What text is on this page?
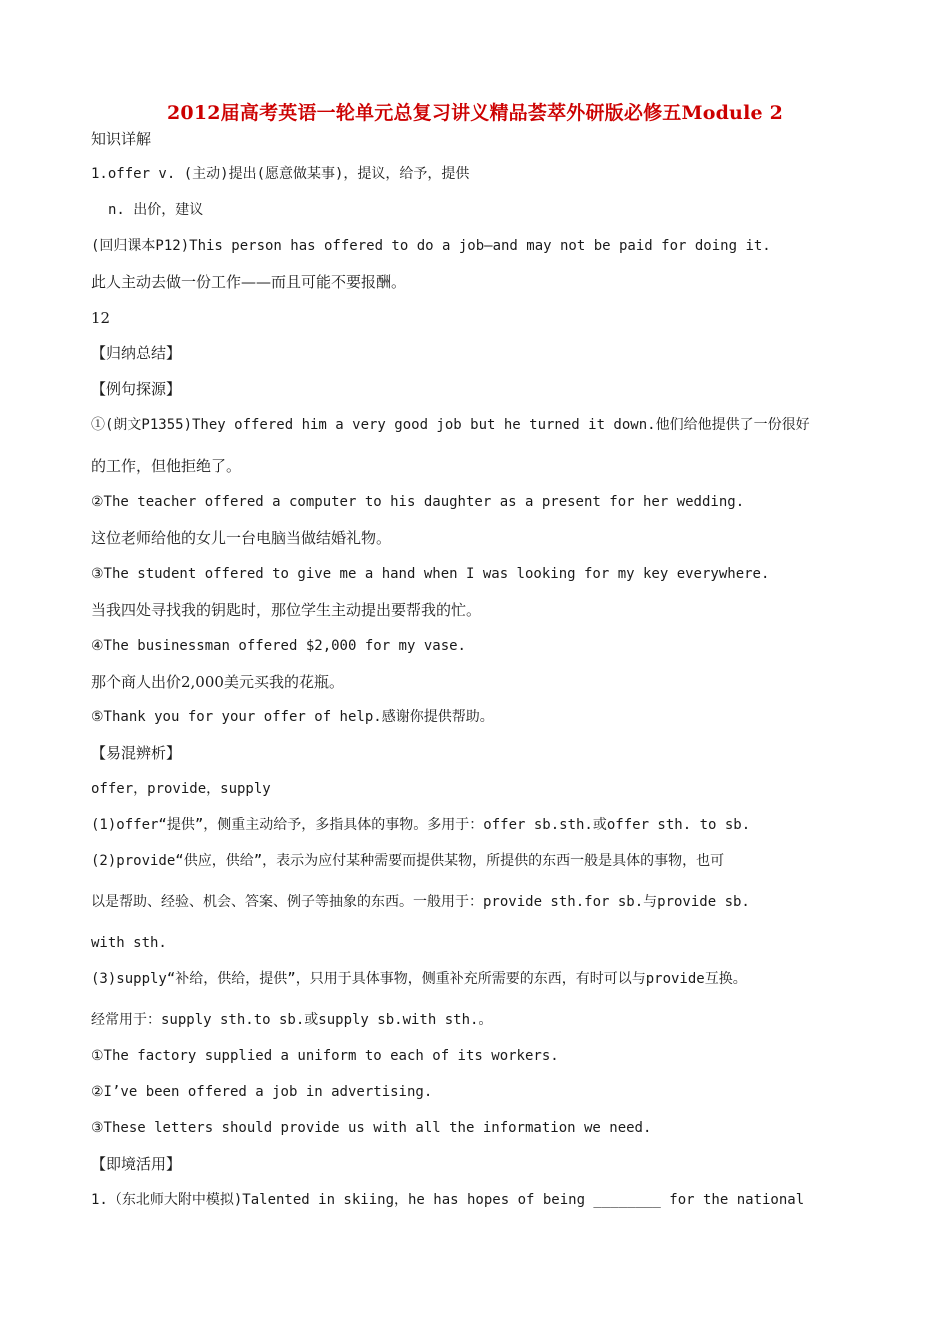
2012届高考英语一轮单元总复习讲义精品荟萃外研版必修五Module 2
知识详解
1.offer v. (主动)提出(愿意做某事)，提议，给予，提供
n. 出价，建议
(回归课本P12)This person has offered to do a job—and may not be paid for doing it.
此人主动去做一份工作——而且可能不要报酬。
12
【归纳总结】
【例句探源】
①(朗文P1355)They offered him a very good job but he turned it down.他们给他提供了一份很好
的工作，但他拒绝了。
②The teacher offered a computer to his daughter as a present for her wedding.
这位老师给他的女儿一台电脑当做结婚礼物。
③The student offered to give me a hand when I was looking for my key everywhere.
当我四处寻找我的钥匙时，那位学生主动提出要帮我的忙。
④The businessman offered $2,000 for my vase.
那个商人出价2,000美元买我的花瓶。
⑤Thank you for your offer of help.感谢你提供帮助。
【易混辨析】
offer，provide，supply
(1)offer“提供”，侧重主动给予，多指具体的事物。多用于：offer sb.sth.或offer sth. to sb.
(2)provide“供应，供给”，表示为应付某种需要而提供某物，所提供的东西一般是具体的事物，也可
以是帮助、经验、机会、答案、例子等抽象的东西。一般用于：provide sth.for sb.与provide sb.
with sth.
(3)supply“补给，供给，提供”，只用于具体事物，侧重补充所需要的东西，有时可以与provide互换。
经常用于：supply sth.to sb.或supply sb.with sth.。
①The factory supplied a uniform to each of its workers.
②I’ve been offered a job in advertising.
③These letters should provide us with all the information we need.
【即境活用】
1.（东北师大附中模拟)Talented in skiing，he has hopes of being ________ for the national
